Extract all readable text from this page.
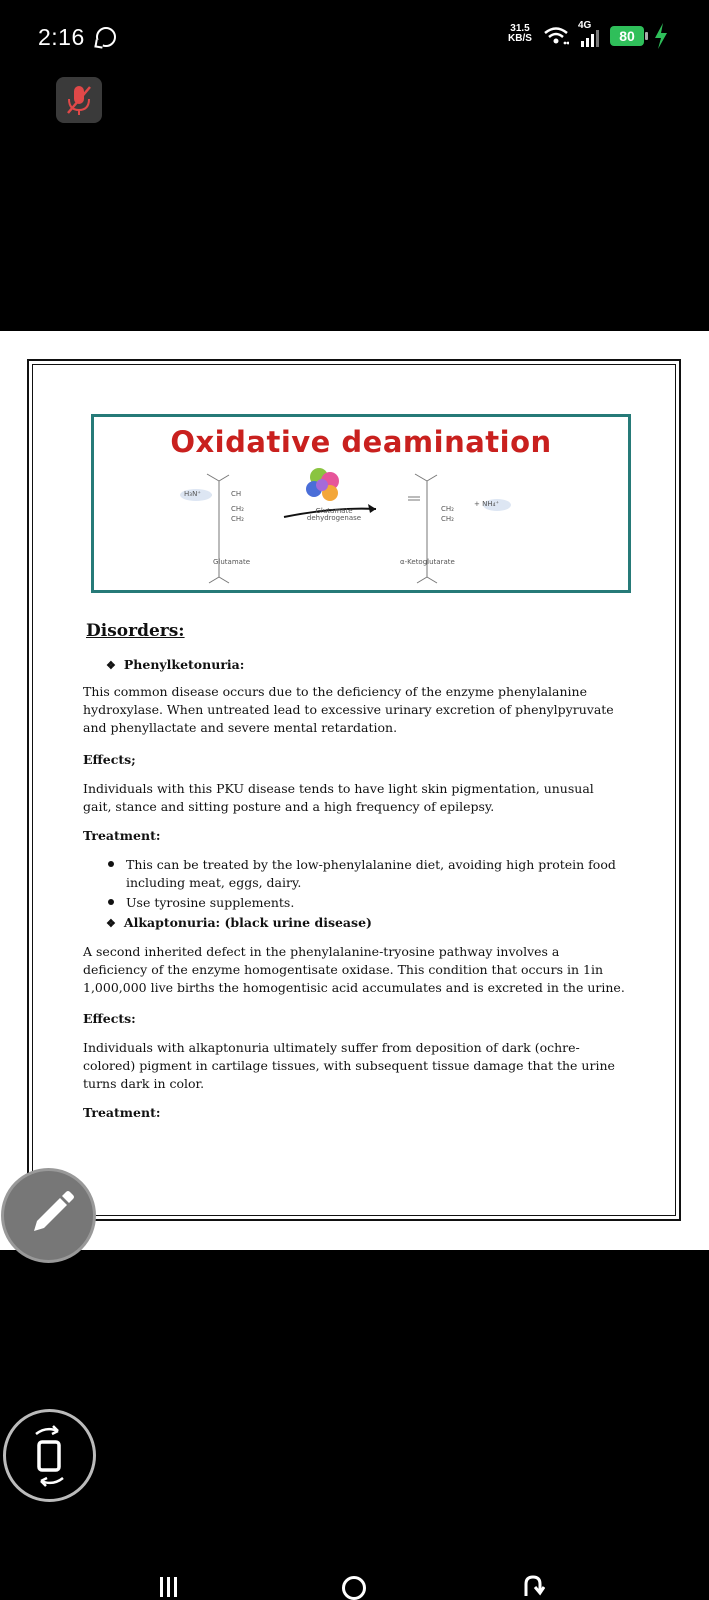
2:16	31.5
KB/S
4G
80
Oxidative deamination
H₃N⁺	CH
CH₂
CH₂
CH₂
CH₂
+ NH₄⁺
Glutamate
dehydrogenase
Glutamate	α-Ketoglutarate
Disorders:
❖ Phenylketonuria:
This common disease occurs due to the deficiency of the enzyme phenylalanine
hydroxylase. When untreated lead to excessive urinary excretion of phenylpyruvate
and phenyllactate and severe mental retardation.
Effects;
Individuals with this PKU disease tends to have light skin pigmentation, unusual
gait, stance and sitting posture and a high frequency of epilepsy.
Treatment:
This can be treated by the low-phenylalanine diet, avoiding high protein food
including meat, eggs, dairy.
Use tyrosine supplements.
❖ Alkaptonuria: (black urine disease)
A second inherited defect in the phenylalanine-tryosine pathway involves a
deficiency of the enzyme homogentisate oxidase. This condition that occurs in 1in
1,000,000 live births the homogentisic acid accumulates and is excreted in the urine.
Effects:
Individuals with alkaptonuria ultimately suffer from deposition of dark (ochre-
colored) pigment in cartilage tissues, with subsequent tissue damage that the urine
turns dark in color.
Treatment:
